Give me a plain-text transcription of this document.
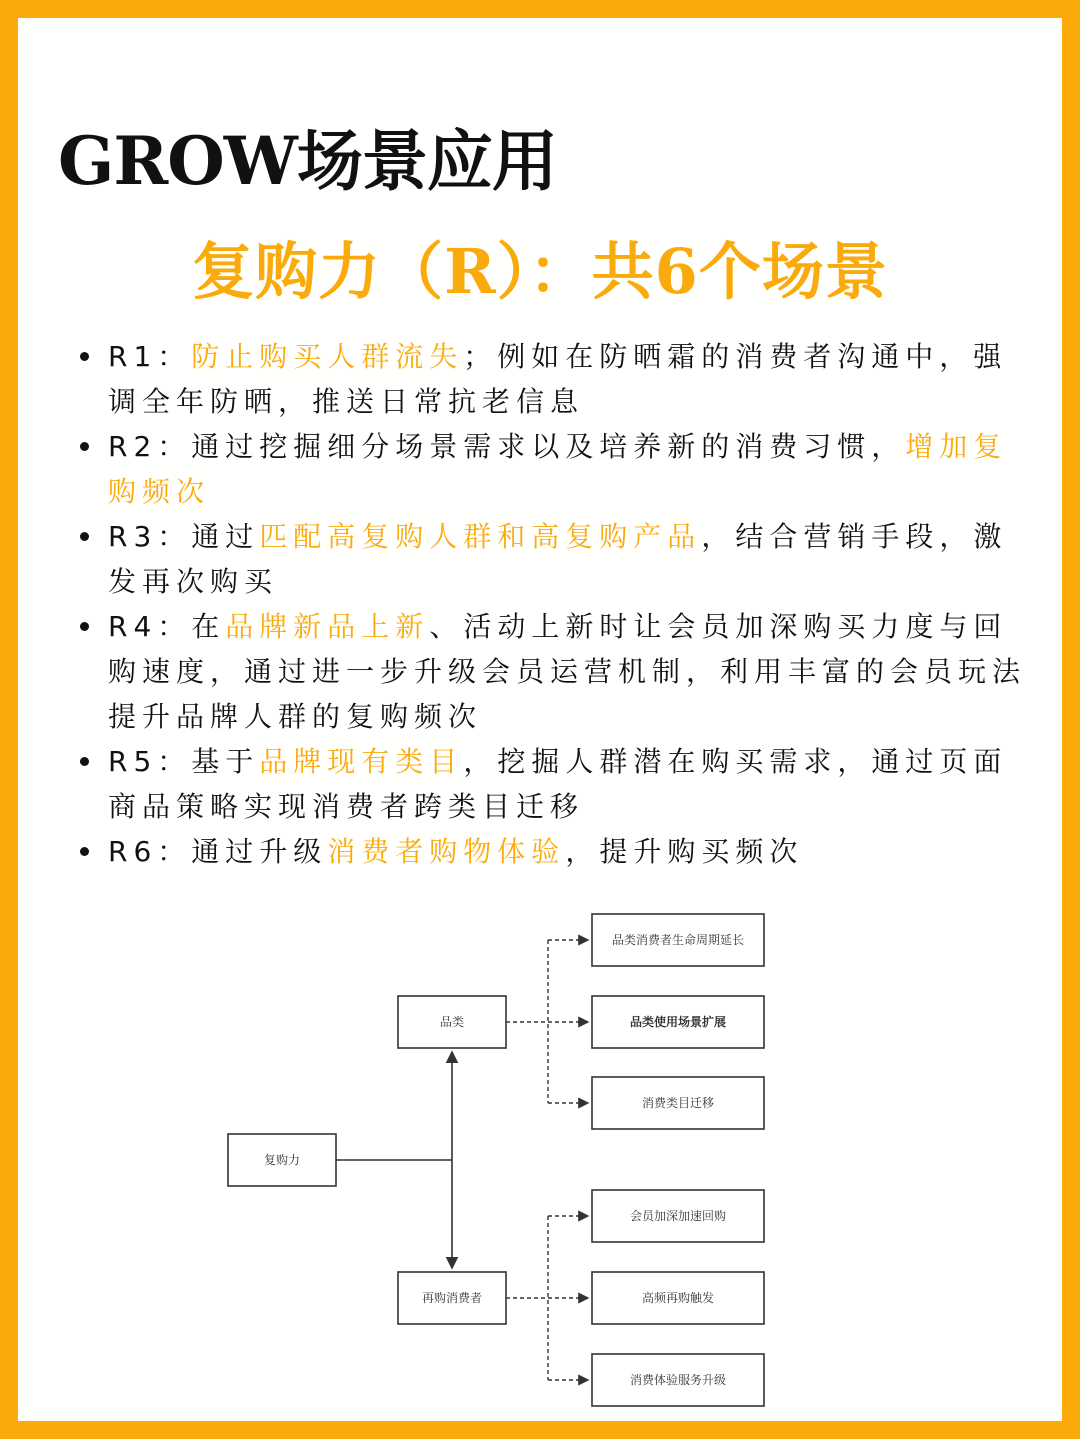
GROW场景应用
复购力（R）：共6个场景
R1：防止购买人群流失；例如在防晒霜的消费者沟通中，强调全年防晒，推送日常抗老信息
R2：通过挖掘细分场景需求以及培养新的消费习惯，增加复购频次
R3：通过匹配高复购人群和高复购产品，结合营销手段，激发再次购买
R4：在品牌新品上新、活动上新时让会员加深购买力度与回购速度，通过进一步升级会员运营机制，利用丰富的会员玩法提升品牌人群的复购频次
R5：基于品牌现有类目，挖掘人群潜在购买需求，通过页面商品策略实现消费者跨类目迁移
R6：通过升级消费者购物体验，提升购买频次
复购力
品类
再购消费者
品类消费者生命周期延长
品类使用场景扩展
消费类目迁移
会员加深加速回购
高频再购触发
消费体验服务升级
